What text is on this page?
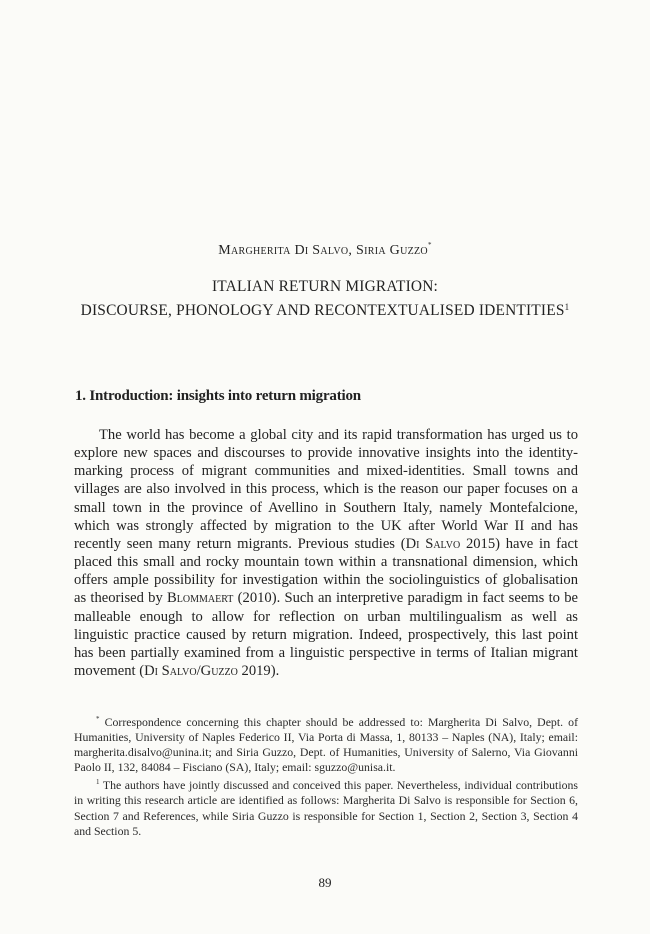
Margherita Di Salvo, Siria Guzzo*
ITALIAN RETURN MIGRATION:
DISCOURSE, PHONOLOGY AND RECONTEXTUALISED IDENTITIES$^1$
1. Introduction: insights into return migration

The world has become a global city and its rapid transformation has urged us to explore new spaces and discourses to provide innovative insights into the identity-marking process of migrant communities and mixed-identities. Small towns and villages are also involved in this process, which is the reason our paper focuses on a small town in the province of Avellino in Southern Italy, namely Montefalcione, which was strongly affected by migration to the UK after World War II and has recently seen many return migrants. Previous studies (Di Salvo 2015) have in fact placed this small and rocky mountain town within a transnational dimension, which offers ample possibility for investigation within the sociolinguistics of globalisation as theorised by Blommaert (2010). Such an interpretive paradigm in fact seems to be malleable enough to allow for reflection on urban multilingualism as well as linguistic practice caused by return migration. Indeed, prospectively, this last point has been partially examined from a linguistic perspective in terms of Italian migrant movement (Di Salvo/Guzzo 2019).

* Correspondence concerning this chapter should be addressed to: Margherita Di Salvo, Dept. of Humanities, University of Naples Federico II, Via Porta di Massa, 1, 80133 – Naples (NA), Italy; email: margherita.disalvo@unina.it; and Siria Guzzo, Dept. of Humanities, University of Salerno, Via Giovanni Paolo II, 132, 84084 – Fisciano (SA), Italy; email: sguzzo@unisa.it.

$^1$ The authors have jointly discussed and conceived this paper. Nevertheless, individual contributions in writing this research article are identified as follows: Margherita Di Salvo is responsible for Section 6, Section 7 and References, while Siria Guzzo is responsible for Section 1, Section 2, Section 3, Section 4 and Section 5.

89
